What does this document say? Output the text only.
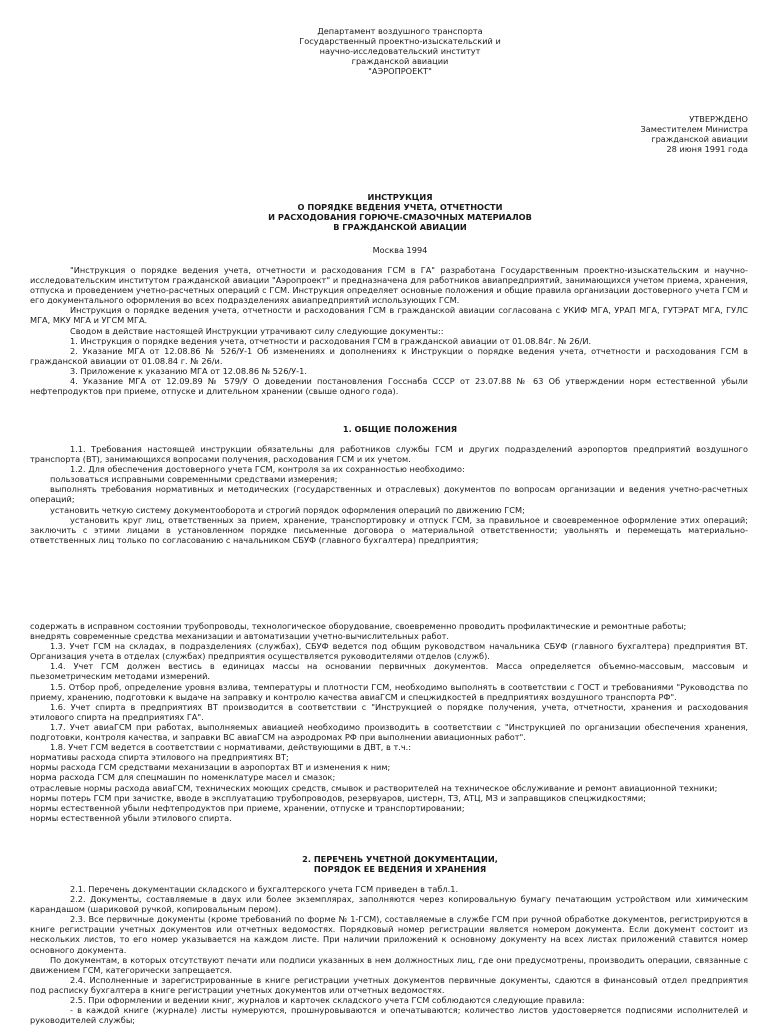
Департамент воздушного транспорта
Государственный проектно-изыскательский и
научно-исследовательский институт
гражданской авиации
"АЭРОПРОЕКТ"
УТВЕРЖДЕНО
Заместителем Министра
гражданской авиации
28 июня 1991 года
ИНСТРУКЦИЯ
О ПОРЯДКЕ ВЕДЕНИЯ УЧЕТА, ОТЧЕТНОСТИ
И РАСХОДОВАНИЯ ГОРЮЧЕ-СМАЗОЧНЫХ МАТЕРИАЛОВ
В ГРАЖДАНСКОЙ АВИАЦИИ
Москва 1994

"Инструкция о порядке ведения учета, отчетности и расходования ГСМ в ГА" разработана Государственным проектно-изыскательским и научно-исследовательским институтом гражданской авиации "Аэропроект" и предназначена для работников авиапредприятий, занимающихся учетом приема, хранения, отпуска и проведением учетно-расчетных операций с ГСМ. Инструкция определяет основные положения и общие правила организации достоверного учета ГСМ и его документального оформления во всех подразделениях авиапредприятий использующих ГСМ.

Инструкция о порядке ведения учета, отчетности и расходования ГСМ в гражданской авиации согласована с УКИФ МГА, УРАП МГА, ГУТЭРАТ МГА, ГУЛС МГА, МКУ МГА и УГСМ МГА.

Сводом в действие настоящей Инструкции утрачивают силу следующие документы::

1. Инструкция о порядке ведения учета, отчетности и расходования ГСМ в гражданской авиации от 01.08.84г. № 26/И.

2. Указание МГА от 12.08.86 № 526/У-1 Об изменениях и дополнениях к Инструкции о порядке ведения учета, отчетности и расходования ГСМ в гражданской авиации от 01.08.84 г. № 26/и.

3. Приложение к указанию МГА от 12.08.86 № 526/У-1.

4. Указание МГА от 12.09.89 № 579/У О доведении постановления Госснаба СССР от 23.07.88 № 63 Об утверждении норм естественной убыли нефтепродуктов при приеме, отпуске и длительном хранении (свыше одного года).

1. ОБЩИЕ ПОЛОЖЕНИЯ

1.1. Требования настоящей инструкции обязательны для работников службы ГСМ и других подразделений аэропортов предприятий воздушного транспорта (ВТ), занимающихся вопросами получения, расходования ГСМ и их учетом.

1.2. Для обеспечения достоверного учета ГСМ, контроля за их сохранностью необходимо:

пользоваться исправными современными средствами измерения;

выполнять требования нормативных и методических (государственных и отраслевых) документов по вопросам организации и ведения учетно-расчетных операций;

установить четкую систему документооборота и строгий порядок оформления операций по движению ГСМ;

установить круг лиц, ответственных за прием, хранение, транспортировку и отпуск ГСМ, за правильное и своевременное оформление этих операций; заключить с этими лицами в установленном порядке письменные договора о материальной ответственности; увольнять и перемещать материально-ответственных лиц только по согласованию с начальником СБУФ (главного бухгалтера) предприятия;

содержать в исправном состоянии трубопроводы, технологическое оборудование, своевременно проводить профилактические и ремонтные работы;

внедрять современные средства механизации и автоматизации учетно-вычислительных работ.

1.3. Учет ГСМ на складах, в подразделениях (службах), СБУФ ведется под общим руководством начальника СБУФ (главного бухгалтера) предприятия ВТ. Организация учета в отделах (службах) предприятия осуществляется руководителями отделов (служб).

1.4. Учет ГСМ должен вестись в единицах массы на основании первичных документов. Масса определяется объемно-массовым, массовым и пьезометрическим методами измерений.

1.5. Отбор проб, определение уровня взлива, температуры и плотности ГСМ, необходимо выполнять в соответствии с ГОСТ и требованиями "Руководства по приему, хранению, подготовки к выдаче на заправку и контролю качества авиаГСМ и спецжидкостей в предприятиях воздушного транспорта РФ".

1.6. Учет спирта в предприятиях ВТ производится в соответствии с "Инструкцией о порядке получения, учета, отчетности, хранения и расходования этилового спирта на предприятиях ГА".

1.7. Учет авиаГСМ при работах, выполняемых авиацией необходимо производить в соответствии с "Инструкцией по организации обеспечения хранения, подготовки, контроля качества, и заправки ВС авиаГСМ на аэродромах РФ при выполнении авиационных работ".

1.8. Учет ГСМ ведется в соответствии с нормативами, действующими в ДВТ, в т.ч.:

нормативы расхода спирта этилового на предприятиях ВТ;

нормы расхода ГСМ средствами механизации в аэропортах ВТ и изменения к ним;

норма расхода ГСМ для спецмашин по номенклатуре масел и смазок;

отраслевые нормы расхода авиаГСМ, технических моющих средств, смывок и растворителей на техническое обслуживание и ремонт авиационной техники;

нормы потерь ГСМ при зачистке, вводе в эксплуатацию трубопроводов, резервуаров, цистерн, ТЗ, АТЦ, МЗ и заправщиков спецжидкостями;

нормы естественной убыли нефтепродуктов при приеме, хранении, отпуске и транспортировании;

нормы естественной убыли этилового спирта.

2. ПЕРЕЧЕНЬ УЧЕТНОЙ ДОКУМЕНТАЦИИ,
ПОРЯДОК ЕЕ ВЕДЕНИЯ И ХРАНЕНИЯ

2.1. Перечень документации складского и бухгалтерского учета ГСМ приведен в табл.1.

2.2. Документы, составляемые в двух или более экземплярах, заполняются через копировальную бумагу печатающим устройством или химическим карандашом (шариковой ручкой, копировальным пером).

2.3. Все первичные документы (кроме требований по форме № 1-ГСМ), составляемые в службе ГСМ при ручной обработке документов, регистрируются в книге регистрации учетных документов или отчетных ведомостях. Порядковый номер регистрации является номером документа. Если документ состоит из нескольких листов, то его номер указывается на каждом листе. При наличии приложений к основному документу на всех листах приложений ставится номер основного документа.

По документам, в которых отсутствуют печати или подписи указанных в нем должностных лиц, где они предусмотрены, производить операции, связанные с движением ГСМ, категорически запрещается.

2.4. Исполненные и зарегистрированные в книге регистрации учетных документов первичные документы, сдаются в финансовый отдел предприятия под расписку бухгалтера в книге регистрации учетных документов или отчетных ведомостях.

2.5. При оформлении и ведении книг, журналов и карточек складского учета ГСМ соблюдаются следующие правила:

- в каждой книге (журнале) листы нумеруются, прошнуровываются и опечатываются; количество листов удостоверяется подписями исполнителей и руководителей службы;
